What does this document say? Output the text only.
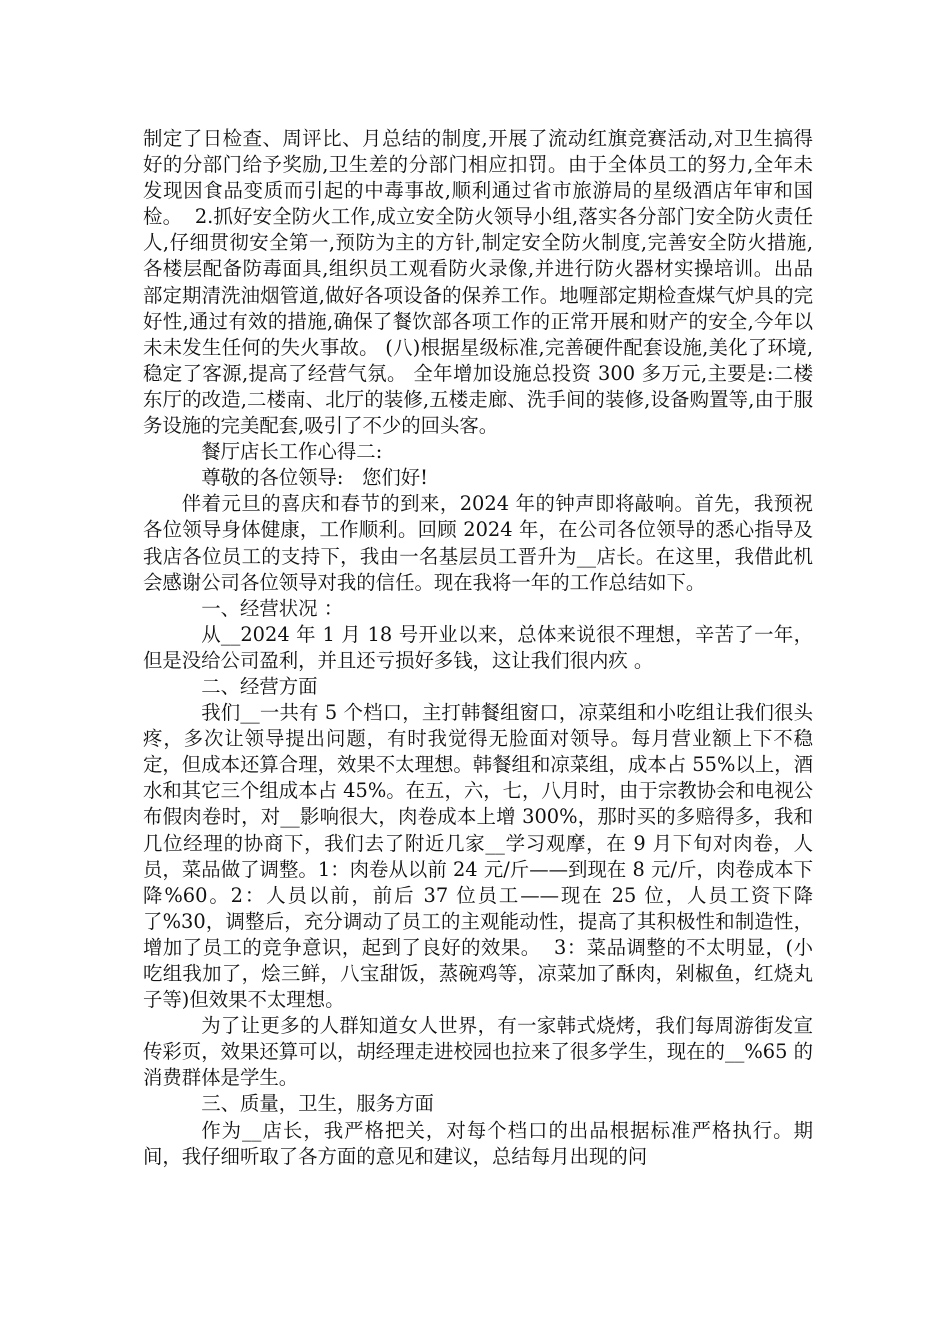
制定了日检查、周评比、月总结的制度,开展了流动红旗竞赛活动,对卫生搞得好的分部门给予奖励,卫生差的分部门相应扣罚。由于全体员工的努力,全年未发现因食品变质而引起的中毒事故,顺利通过省市旅游局的星级酒店年审和国检。  2.抓好安全防火工作,成立安全防火领导小组,落实各分部门安全防火责任人,仔细贯彻安全第一,预防为主的方针,制定安全防火制度,完善安全防火措施,各楼层配备防毒面具,组织员工观看防火录像,并进行防火器材实操培训。出品部定期清洗油烟管道,做好各项设备的保养工作。地喱部定期检查煤气炉具的完好性,通过有效的措施,确保了餐饮部各项工作的正常开展和财产的安全,今年以未未发生任何的失火事故。 (八)根据星级标准,完善硬件配套设施,美化了环境,稳定了客源,提高了经营气氛。 全年增加设施总投资 300 多万元,主要是:二楼东厅的改造,二楼南、北厅的装修,五楼走廊、洗手间的装修,设备购置等,由于服务设施的完美配套,吸引了不少的回头客。

餐厅店长工作心得二:

尊敬的各位领导:   您们好!

伴着元旦的喜庆和春节的到来，2024 年的钟声即将敲响。首先，我预祝各位领导身体健康，工作顺利。回顾 2024 年，在公司各位领导的悉心指导及我店各位员工的支持下，我由一名基层员工晋升为__店长。在这里，我借此机会感谢公司各位领导对我的信任。现在我将一年的工作总结如下。

一、经营状况 ：

从__2024 年 1 月 18 号开业以来，总体来说很不理想，辛苦了一年，但是没给公司盈利，并且还亏损好多钱，这让我们很内疚 。

二、经营方面

我们__一共有 5 个档口，主打韩餐组窗口，凉菜组和小吃组让我们很头疼，多次让领导提出问题，有时我觉得无脸面对领导。每月营业额上下不稳定，但成本还算合理，效果不太理想。韩餐组和凉菜组，成本占 55%以上，酒水和其它三个组成本占 45%。在五，六，七，八月时，由于宗教协会和电视公布假肉卷时，对__影响很大，肉卷成本上增 300%，那时买的多赔得多，我和几位经理的协商下，我们去了附近几家__学习观摩，在 9 月下旬对肉卷，人员，菜品做了调整。1：肉卷从以前 24 元/斤——到现在 8 元/斤，肉卷成本下降%60。2：人员以前，前后 37 位员工——现在 25 位，人员工资下降了%30，调整后，充分调动了员工的主观能动性，提高了其积极性和制造性，增加了员工的竞争意识，起到了良好的效果。  3：菜品调整的不太明显，(小吃组我加了，烩三鲜，八宝甜饭，蒸碗鸡等，凉菜加了酥肉，剁椒鱼，红烧丸子等)但效果不太理想。

为了让更多的人群知道女人世界，有一家韩式烧烤，我们每周游街发宣传彩页，效果还算可以，胡经理走进校园也拉来了很多学生，现在的__%65 的消费群体是学生。

三、质量，卫生，服务方面

作为__店长，我严格把关，对每个档口的出品根据标准严格执行。期间，我仔细听取了各方面的意见和建议，总结每月出现的问
